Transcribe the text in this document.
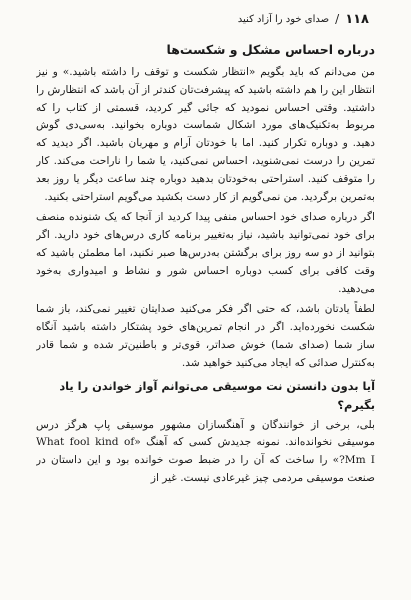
۱۱۸
/
صدای خود را آزاد کنید
درباره احساس مشکل و شکست‌ها

من می‌دانم که باید بگویم «انتظار شکست و توقف را داشته باشید.» و نیز انتظار این را هم داشته باشید که پیشرفت‌تان کندتر از آن باشد که انتظارش را داشتید. وقتی احساس نمودید که جائی گیر کردید، قسمتی از کتاب را که مربوط به‌تکنیک‌های مورد اشکال شماست دوباره بخوانید. به‌سی‌دی گوش دهید. و دوباره تکرار کنید. اما با خودتان آرام و مهربان باشید. اگر دیدید که تمرین را درست نمی‌شنوید، احساس نمی‌کنید، یا شما را ناراحت می‌کند. کار را متوقف کنید. استراحتی به‌خودتان بدهید دوباره چند ساعت دیگر یا روز بعد به‌تمرین برگردید. من نمی‌گویم از کار دست بکشید می‌گویم استراحتی بکنید.

اگر درباره صدای خود احساس منفی پیدا کردید از آنجا که یک شنونده منصف برای خود نمی‌توانید باشید، نیاز به‌تغییر برنامه کاری درس‌های خود دارید. اگر بتوانید از دو سه روز برای برگشتن به‌درس‌ها صبر نکنید، اما مطمئن باشید که وقت کافی برای کسب دوباره احساس شور و نشاط و امیدواری به‌خود می‌دهید.

لطفاً یادتان باشد، که حتی اگر فکر می‌کنید صدایتان تغییر نمی‌کند، باز شما شکست نخورده‌اید. اگر در انجام تمرین‌های خود پشتکار داشته باشید آنگاه ساز شما (صدای شما) خوش صداتر، قوی‌تر و باطنین‌تر شده و شما قادر به‌کنترل صدائی که ایجاد می‌کنید خواهید شد.

آیا بدون دانستن نت موسیقی می‌توانم آواز خواندن را یاد بگیرم؟

بلی، برخی از خوانندگان و آهنگسازان مشهور موسیقی پاپ هرگز درس موسیقی نخوانده‌اند. نمونه جدیدش کسی که آهنگ «What fool kind of Mm I?» را ساخت که آن را در ضبط صوت خوانده بود و این داستان در صنعت موسیقی مردمی چیز غیرعادی نیست. غیر از
